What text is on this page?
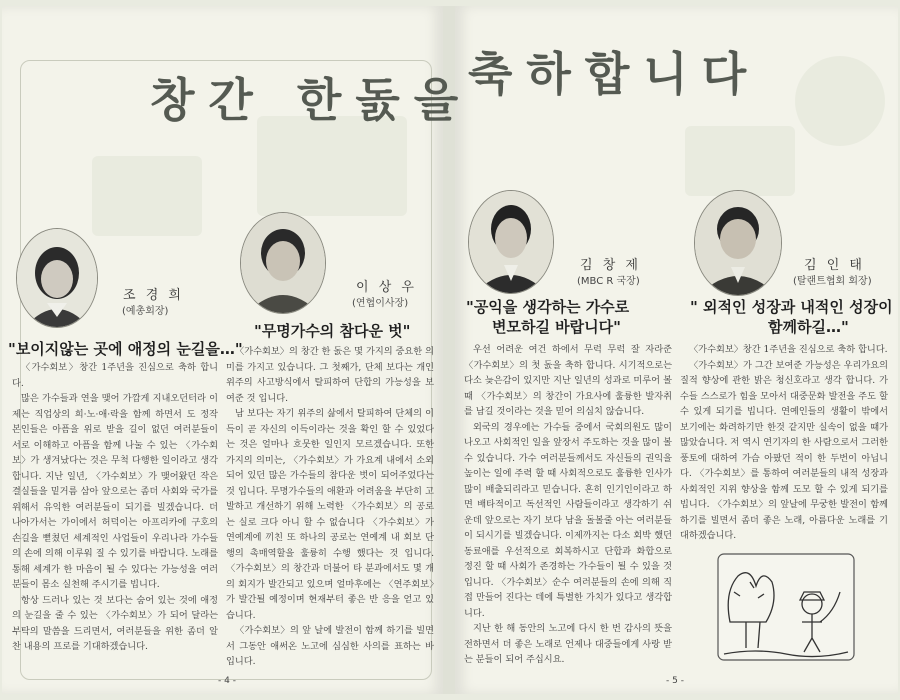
창간 한돐을
축하합니다
조 경 희
(예총회장)
이 상 우
(연협이사장)
"보이지않는 곳에 애정의 눈길을…"

〈가수회보〉창간 1주년을 진심으로 축하 합니다.

많은 가수들과 연을 맺어 가깝게 지내오던터라 이제는 직업상의 희·노·애·락을 함께 하면서 도 정작 본인들은 아픔을 위로 받을 길이 없던 여러분들이 서로 이해하고 아픔을 함께 나눌 수 있는 〈가수회보〉가 생겨났다는 것은 무척 다행한 일이라고 생각합니다. 지난 일년, 〈가수회보〉가 맺어왔던 작은 결실들을 밑거름 삼아 앞으로는 좀더 사회와 국가를 위해서 유익한 여러분들이 되기를 빌겠습니다. 더 나아가서는 가이에서 허덕이는 아프리카에 구호의 손길을 뻗쳤던 세계적인 사업들이 우리나라 가수들의 손에 의해 이루워 질 수 있기를 바랍니다. 노래를 통해 세계가 한 마음이 될 수 있다는 가능성을 여러분들이 몸소 실천해 주시기를 빕니다.

항상 드러나 있는 것 보다는 숨어 있는 것에 애정의 눈길을 줄 수 있는 〈가수회보〉가 되어 달라는 부탁의 말씀을 드리면서, 여러분들을 위한 좀더 알찬 내용의 프로를 기대하겠습니다.

"무명가수의 참다운 벗"

〈가수회보〉의 창간 한 돐은 몇 가지의 중요한 의미를 가지고 있습니다. 그 첫째가, 단체 보다는 개인 위주의 사고방식에서 탈피하여 단합의 가능성을 보여준 것 입니다.

남 보다는 자기 위주의 삶에서 탈피하여 단체의 이득이 곧 자신의 이득이라는 것을 확인 할 수 있었다는 것은 얼마나 흐뭇한 일인지 모르겠습니다. 또한 가지의 의미는, 〈가수회보〉가 가요계 내에서 소외되어 있던 많은 가수들의 참다운 벗이 되어주었다는 것 입니다. 무명가수들의 애환과 어려움을 부단히 고발하고 개선하기 위해 노력한 〈가수회보〉의 공로는 실로 크다 아니 할 수 없습니다 〈가수회보〉가 연예계에 끼친 또 하나의 공로는 연예계 내 회보 단행의 촉매역할을 훌륭히 수행 했다는 것 입니다. 〈가수회보〉의 창간과 더불어 타 분과에서도 몇 개의 회지가 발간되고 있으며 얼마후에는 〈연주회보〉가 발간될 예정이며 현재부터 좋은 반 응을 얻고 있습니다.

〈가수회보〉의 앞 날에 발전이 함께 하기를 빌면서 그동안 애써온 노고에 심심한 사의를 표하는 바 입니다.

- 4 -
김 창 제
(MBC R 국장)
김 인 태
(탈랜트협회 회장)
"공익을 생각하는 가수로
변모하길 바랍니다"

우선 어려운 여건 하에서 무럭 무럭 잘 자라준 〈가수회보〉의 첫 돐을 축하 합니다. 시기적으로는 다소 늦은감이 있지만 지난 일년의 성과로 미루어 볼때 〈가수회보〉의 창간이 가요사에 훌륭한 발자취를 남길 것이라는 것을 믿어 의심치 않습니다.

외국의 경우에는 가수들 중에서 국회의원도 많이 나오고 사회적인 일을 앞장서 주도하는 것을 많이 볼 수 있습니다. 가수 여러분들께서도 자신들의 권익을 높이는 일에 주력 할 때 사회적으로도 훌륭한 인사가 많이 배출되리라고 믿습니다. 혼히 인기인이라고 하면 배타적이고 독선적인 사람들이라고 생각하기 쉬운데 앞으로는 자기 보다 남을 돌볼줄 아는 여러분들이 되시기를 빌겠습니다. 이제까지는 다소 회박 했던 동료애를 우선적으로 회복하시고 단합과 화합으로 정진 할 때 사회가 존경하는 가수들이 될 수 있을 것 입니다. 〈가수회보〉순수 여러분들의 손에 의해 직접 만들어 진다는 데에 특별한 가치가 있다고 생각합니다.

지난 한 해 동안의 노고에 다시 한 번 감사의 뜻을 전하면서 더 좋은 노래로 언제나 대중들에게 사랑 받는 분들이 되어 주십시요.

" 외적인 성장과 내적인 성장이
함께하길…"

〈가수회보〉창간 1주년을 진심으로 축하 합니다.

〈가수회보〉가 그간 보여준 가능성은 우리가요의 질적 향상에 관한 밝은 청신호라고 생각 합니다. 가수들 스스로가 힘을 모아서 대중문화 발전을 주도 할 수 있게 되기를 빕니다. 연예인들의 생활이 밖에서 보기에는 화려하기만 한것 같지만 실속이 없을 때가 많았습니다. 저 역시 연기자의 한 사람으로서 그러한 풍토에 대하여 가슴 아팠던 적이 한 두번이 아닙니다. 〈가수회보〉를 통하여 여러분들의 내적 성장과 사회적인 지위 향상을 함께 도모 할 수 있게 되기를 빕니다. 〈가수회보〉의 앞날에 무궁한 발전이 함께 하기를 빌면서 좀더 좋은 노래, 아름다운 노래를 기대하겠습니다.

- 5 -
